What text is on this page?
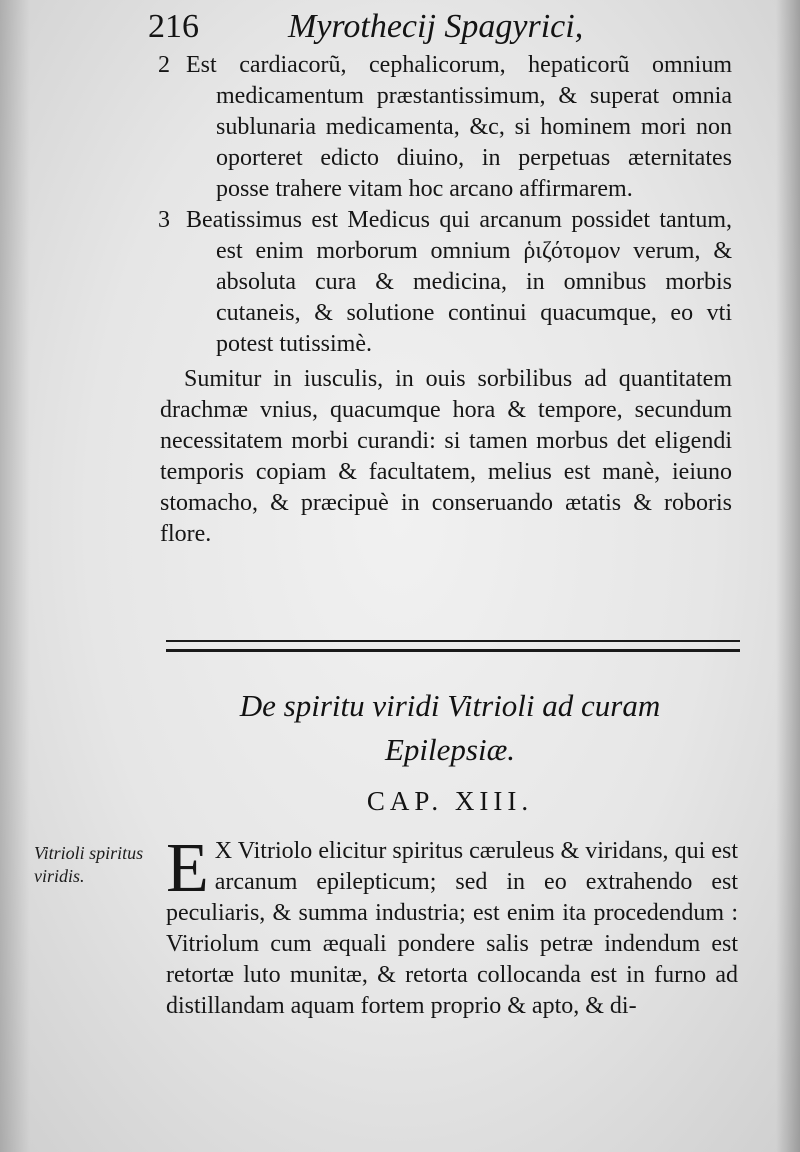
216	Myrothecij Spagyrici,
2 Est cardiacorũ, cephalicorum, hepaticorũ omnium medicamentum præstantissimum, & superat omnia sublunaria medicamenta, &c, si hominem mori non oporteret edicto diuino, in perpetuas æternitates posse trahere vitam hoc arcano affirmarem.
3 Beatissimus est Medicus qui arcanum possidet tantum, est enim morborum omnium ῥιζότομον verum, & absoluta cura & medicina, in omnibus morbis cutaneis, & solutione continui quacumque, eo vti potest tutissimè.
Sumitur in iusculis, in ouis sorbilibus ad quantitatem drachmæ vnius, quacumque hora & tempore, secundum necessitatem morbi curandi: si tamen morbus det eligendi temporis copiam & facultatem, melius est manè, ieiuno stomacho, & præcipuè in conseruando ætatis & roboris flore.
De spiritu viridi Vitrioli ad curam
Epilepsiæ.
CAP. XIII.
Vitrioli spiritus viridis.	E X Vitriolo elicitur spiritus cæruleus & viridans, qui est arcanum epilepticum; sed in eo extrahendo est peculiaris, & summa industria; est enim ita procedendum : Vitriolum cum æquali pondere salis petræ indendum est retortæ luto munitæ, & retorta collocanda est in furno ad distillandam aquam fortem proprio & apto, & di-
